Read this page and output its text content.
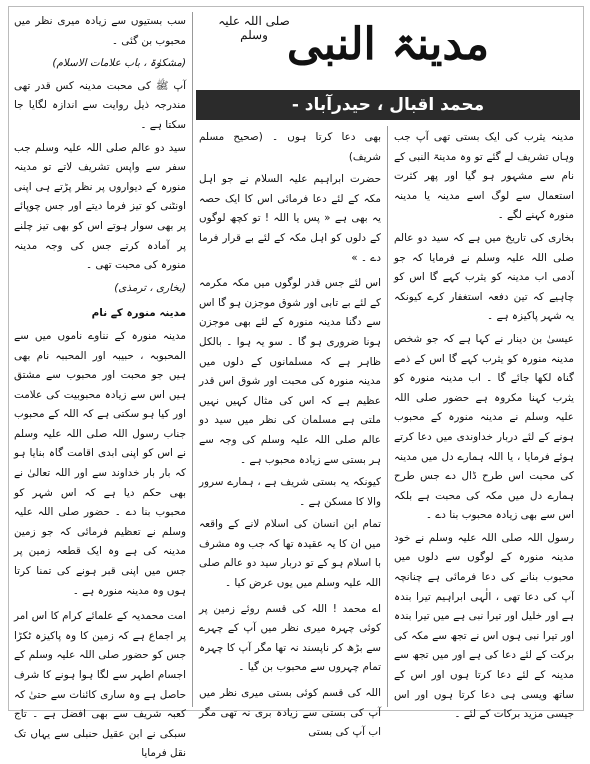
مدینۃ النبی
صلی اللہ علیہ وسلم
محمد اقبال ، حیدرآباد -

مدینہ یثرب کی ایک بستی تھی آپ جب وہاں تشریف لے گئے تو وہ مدینۃ النبی کے نام سے مشہور ہو گیا اور پھر کثرت استعمال سے لوگ اسے مدینہ یا مدینہ منورہ کہنے لگے ۔

بخاری کی تاریخ میں ہے کہ سید دو عالم صلی اللہ علیہ وسلم نے فرمایا کہ جو آدمی اب مدینہ کو یثرب کہے گا اس کو چاہیے کہ تین دفعہ استغفار کرے کیونکہ یہ شہر پاکیزہ ہے ۔

عیسیٰ بن دینار نے کہا ہے کہ جو شخص مدینہ منورہ کو یثرب کہے گا اس کے ذمے گناہ لکھا جائے گا ۔ اب مدینہ منورہ کو یثرب کہنا مکروہ ہے حضور صلی اللہ علیہ وسلم نے مدینہ منورہ کے محبوب ہونے کے لئے دربار خداوندی میں دعا کرتے ہوئے فرمایا ، یا اللہ ہمارے دل میں مدینہ کی محبت اس طرح ڈال دے جس طرح ہمارے دل میں مکہ کی محبت ہے بلکہ اس سے بھی زیادہ محبوب بنا دے ۔

رسول اللہ صلی اللہ علیہ وسلم نے خود مدینہ منورہ کے لوگوں سے دلوں میں محبوب بنانے کی دعا فرمائی ہے چنانچہ آپ کی دعا تھی ، الٰہی ابراہیم تیرا بندہ ہے اور خلیل اور تیرا نبی ہے میں تیرا بندہ اور تیرا نبی ہوں اس نے تجھ سے مکہ کی برکت کے لئے دعا کی ہے اور میں تجھ سے مدینہ کے لئے دعا کرتا ہوں اور اس کے ساتھ ویسی ہی دعا کرتا ہوں اور اس جیسی مزید برکات کے لئے ۔

بھی دعا کرتا ہوں ۔ (صحیح مسلم شریف)

حضرت ابراہیم علیہ السلام نے جو اہل مکہ کے لئے دعا فرمائی اس کا ایک حصہ یہ بھی ہے « پس یا اللہ ! تو کچھ لوگوں کے دلوں کو اہل مکہ کے لئے بے قرار فرما دے ۔ »

اس لئے جس قدر لوگوں میں مکہ مکرمہ کے لئے بے تابی اور شوق موجزن ہو گا اس سے دگنا مدینہ منورہ کے لئے بھی موجزن ہونا ضروری ہو گا ۔ سو یہ ہوا ۔ بالکل ظاہر ہے کہ مسلمانوں کے دلوں میں مدینہ منورہ کی محبت اور شوق اس قدر عظیم ہے کہ اس کی مثال کہیں نہیں ملتی ہے مسلمان کی نظر میں سید دو عالم صلی اللہ علیہ وسلم کی وجہ سے ہر بستی سے زیادہ محبوب ہے ۔

کیونکہ یہ بستی شریف ہے ، ہمارے سرور والا کا مسکن ہے ۔

تمام ابن انسان کی اسلام لانے کے واقعہ میں ان کا یہ عقیدہ تھا کہ جب وہ مشرف با اسلام ہو کے تو دربار سید دو عالم صلی اللہ علیہ وسلم میں یوں عرض کیا ۔

اے محمد ! اللہ کی قسم روئے زمین پر کوئی چہرہ میری نظر میں آپ کے چہرے سے بڑھ کر ناپسند نہ تھا مگر آپ کا چہرہ تمام چہروں سے محبوب بن گیا ۔

اللہ کی قسم کوئی بستی میری نظر میں آپ کی بستی سے زیادہ بری نہ تھی مگر اب آپ کی بستی

سب بستیوں سے زیادہ میری نظر میں محبوب بن گئی ۔

(مشکوٰۃ ، باب علامات الاسلام)

آپ ﷺ کی محبت مدینہ کس قدر تھی مندرجہ ذیل روایت سے اندازہ لگایا جا سکتا ہے ۔

سید دو عالم صلی اللہ علیہ وسلم جب سفر سے واپس تشریف لاتے تو مدینہ منورہ کے دیواروں پر نظر پڑتے ہی اپنی اونٹنی کو تیز فرما دیتے اور جس چوپائے پر بھی سوار ہوتے اس کو بھی تیز چلنے پر آمادہ کرتے جس کی وجہ مدینہ منورہ کی محبت تھی ۔

(بخاری ، ترمذی)

مدینہ منورہ کے نام

مدینہ منورہ کے نناوے ناموں میں سے المحبوبہ ، حبیبہ اور المحببہ نام بھی ہیں جو محبت اور محبوب سے مشتق ہیں اس سے زیادہ محبوبیت کی علامت اور کیا ہو سکتی ہے کہ اللہ کے محبوب جناب رسول اللہ صلی اللہ علیہ وسلم نے اس کو اپنی ابدی اقامت گاہ بنایا ہو کہ بار بار خداوند سے اور اللہ تعالیٰ نے بھی حکم دیا ہے کہ اس شہر کو محبوب بنا دے ۔ حضور صلی اللہ علیہ وسلم نے تعظیم فرمائی کہ جو زمین مدینہ کی ہے وہ ایک قطعہ زمین پر جس میں اپنی قبر ہونے کی تمنا کرتا ہوں وہ مدینہ منورہ ہے ۔

امت محمدیہ کے علمائے کرام کا اس امر پر اجماع ہے کہ زمین کا وہ پاکیزہ ٹکڑا جس کو حضور صلی اللہ علیہ وسلم کے اجسام اطہر سے لگا ہوا ہونے کا شرف حاصل ہے وہ ساری کائنات سے حتیٰ کہ کعبہ شریف سے بھی افضل ہے ۔ تاج سبکی نے ابن عقیل حنبلی سے یہاں تک نقل فرمایا
